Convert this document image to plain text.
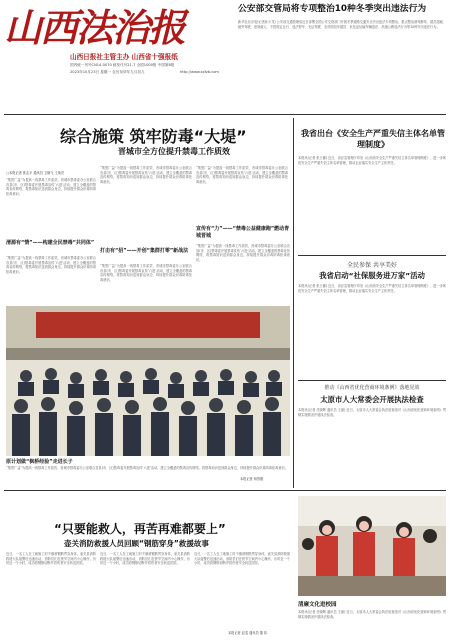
山西法治报
山西日报社主管主办 山西省十强报纸
国内统一刊号CN14-0070 邮发代号21-7 全国1000报 中国第8报
2023年10月23日 星期一 农历癸卯年九月初九	http://www.sxfzb.com
公安部交管局将专项整治10种冬季突出违法行为
新华社北京电(记者孙少龙) 公安部交通管理局近日部署全国公安交管部门开展冬季道路交通安全突出违法专项整治，重点整治酒驾醉驾、超员超载、疲劳驾驶、违规载人、不按规定让行、违法停车、无证驾驶、农村面包车超员、危化品运输车辆违法、高速公路违法行为等10种突出违法行为。
综合施策 筑牢防毒“大堤”
晋城市全方位提升禁毒工作质效
□本报记者 郭志平 通讯员 卫晓飞 王纯亮
“集思广益”为提高一线禁毒工作质效，晋城市禁毒委办公室联合各县(市、区)禁毒委开展禁毒宣传‘六进’活动，建立全覆盖的禁毒宣传网络，将禁毒知识送到群众身边，持续提升群众识毒防毒拒毒意识。
清源有“情”——构建全民禁毒“共同体”
“集思广益”为提高一线禁毒工作质效，晋城市禁毒委办公室联合各县(市、区)禁毒委开展禁毒宣传‘六进’活动，建立全覆盖的禁毒宣传网络，将禁毒知识送到群众身边，持续提升群众识毒防毒拒毒意识。
“集思广益”为提高一线禁毒工作质效，晋城市禁毒委办公室联合各县(市、区)禁毒委开展禁毒宣传‘六进’活动，建立全覆盖的禁毒宣传网络，将禁毒知识送到群众身边，持续提升群众识毒防毒拒毒意识。
打击有“招”——开创“集群打零”新战法
“集思广益”为提高一线禁毒工作质效，晋城市禁毒委办公室联合各县(市、区)禁毒委开展禁毒宣传‘六进’活动，建立全覆盖的禁毒宣传网络，将禁毒知识送到群众身边，持续提升群众识毒防毒拒毒意识。
“集思广益”为提高一线禁毒工作质效，晋城市禁毒委办公室联合各县(市、区)禁毒委开展禁毒宣传‘六进’活动，建立全覆盖的禁毒宣传网络，将禁毒知识送到群众身边，持续提升群众识毒防毒拒毒意识。
宣传有“力”——“禁毒公益健康跑”燃动青城晋城
“集思广益”为提高一线禁毒工作质效，晋城市禁毒委办公室联合各县(市、区)禁毒委开展禁毒宣传‘六进’活动，建立全覆盖的禁毒宣传网络，将禁毒知识送到群众身边，持续提升群众识毒防毒拒毒意识。
原计划做“枫桥经验”走进长子
“集思广益”为提高一线禁毒工作质效，晋城市禁毒委办公室联合各县(市、区)禁毒委开展禁毒宣传‘六进’活动，建立全覆盖的禁毒宣传网络，将禁毒知识送到群众身边，持续提升群众识毒防毒拒毒意识。
本报记者 杨智刚
我省出台《安全生产严重失信主体名单管理制度》
本报讯(记者 张王娜) 近日，省应急管理厅印发《山西省安全生产严重失信主体名单管理制度》，进一步规范安全生产严重失信主体名单管理，推动企业落实安全生产主体责任。
全民参保 共享美好
我省启动“社保服务进万家”活动
本报讯(记者 张王娜) 近日，省应急管理厅印发《山西省安全生产严重失信主体名单管理制度》，进一步规范安全生产严重失信主体名单管理，推动企业落实安全生产主体责任。
推动《山西省优化营商环境条例》落地见效
太原市人大常委会开展执法检查
本报讯(记者 任晓辉 通讯员 王丽) 近日，太原市人大常委会执法检查组对《山西省优化营商环境条例》贯彻实施情况开展执法检查。
“只要能救人，再苦再难都要上”
壶关消防救援人员回顾“钢筋穿身”救援故事
近日，一名工人在工地施工时不慎被钢筋贯穿身体，壶关县消防救援大队接警后迅速出动，消防员们在狭窄空间内小心操作，历时近一个小时，成功将钢筋切断并将伤者安全转送医院。
近日，一名工人在工地施工时不慎被钢筋贯穿身体，壶关县消防救援大队接警后迅速出动，消防员们在狭窄空间内小心操作，历时近一个小时，成功将钢筋切断并将伤者安全转送医院。
近日，一名工人在工地施工时不慎被钢筋贯穿身体，壶关县消防救援大队接警后迅速出动，消防员们在狭窄空间内小心操作，历时近一个小时，成功将钢筋切断并将伤者安全转送医院。
本报记者 赵雯 通讯员 董 纬
清廉文化进校园
本报讯(记者 任晓辉 通讯员 王丽) 近日，太原市人大常委会执法检查组对《山西省优化营商环境条例》贯彻实施情况开展执法检查。
